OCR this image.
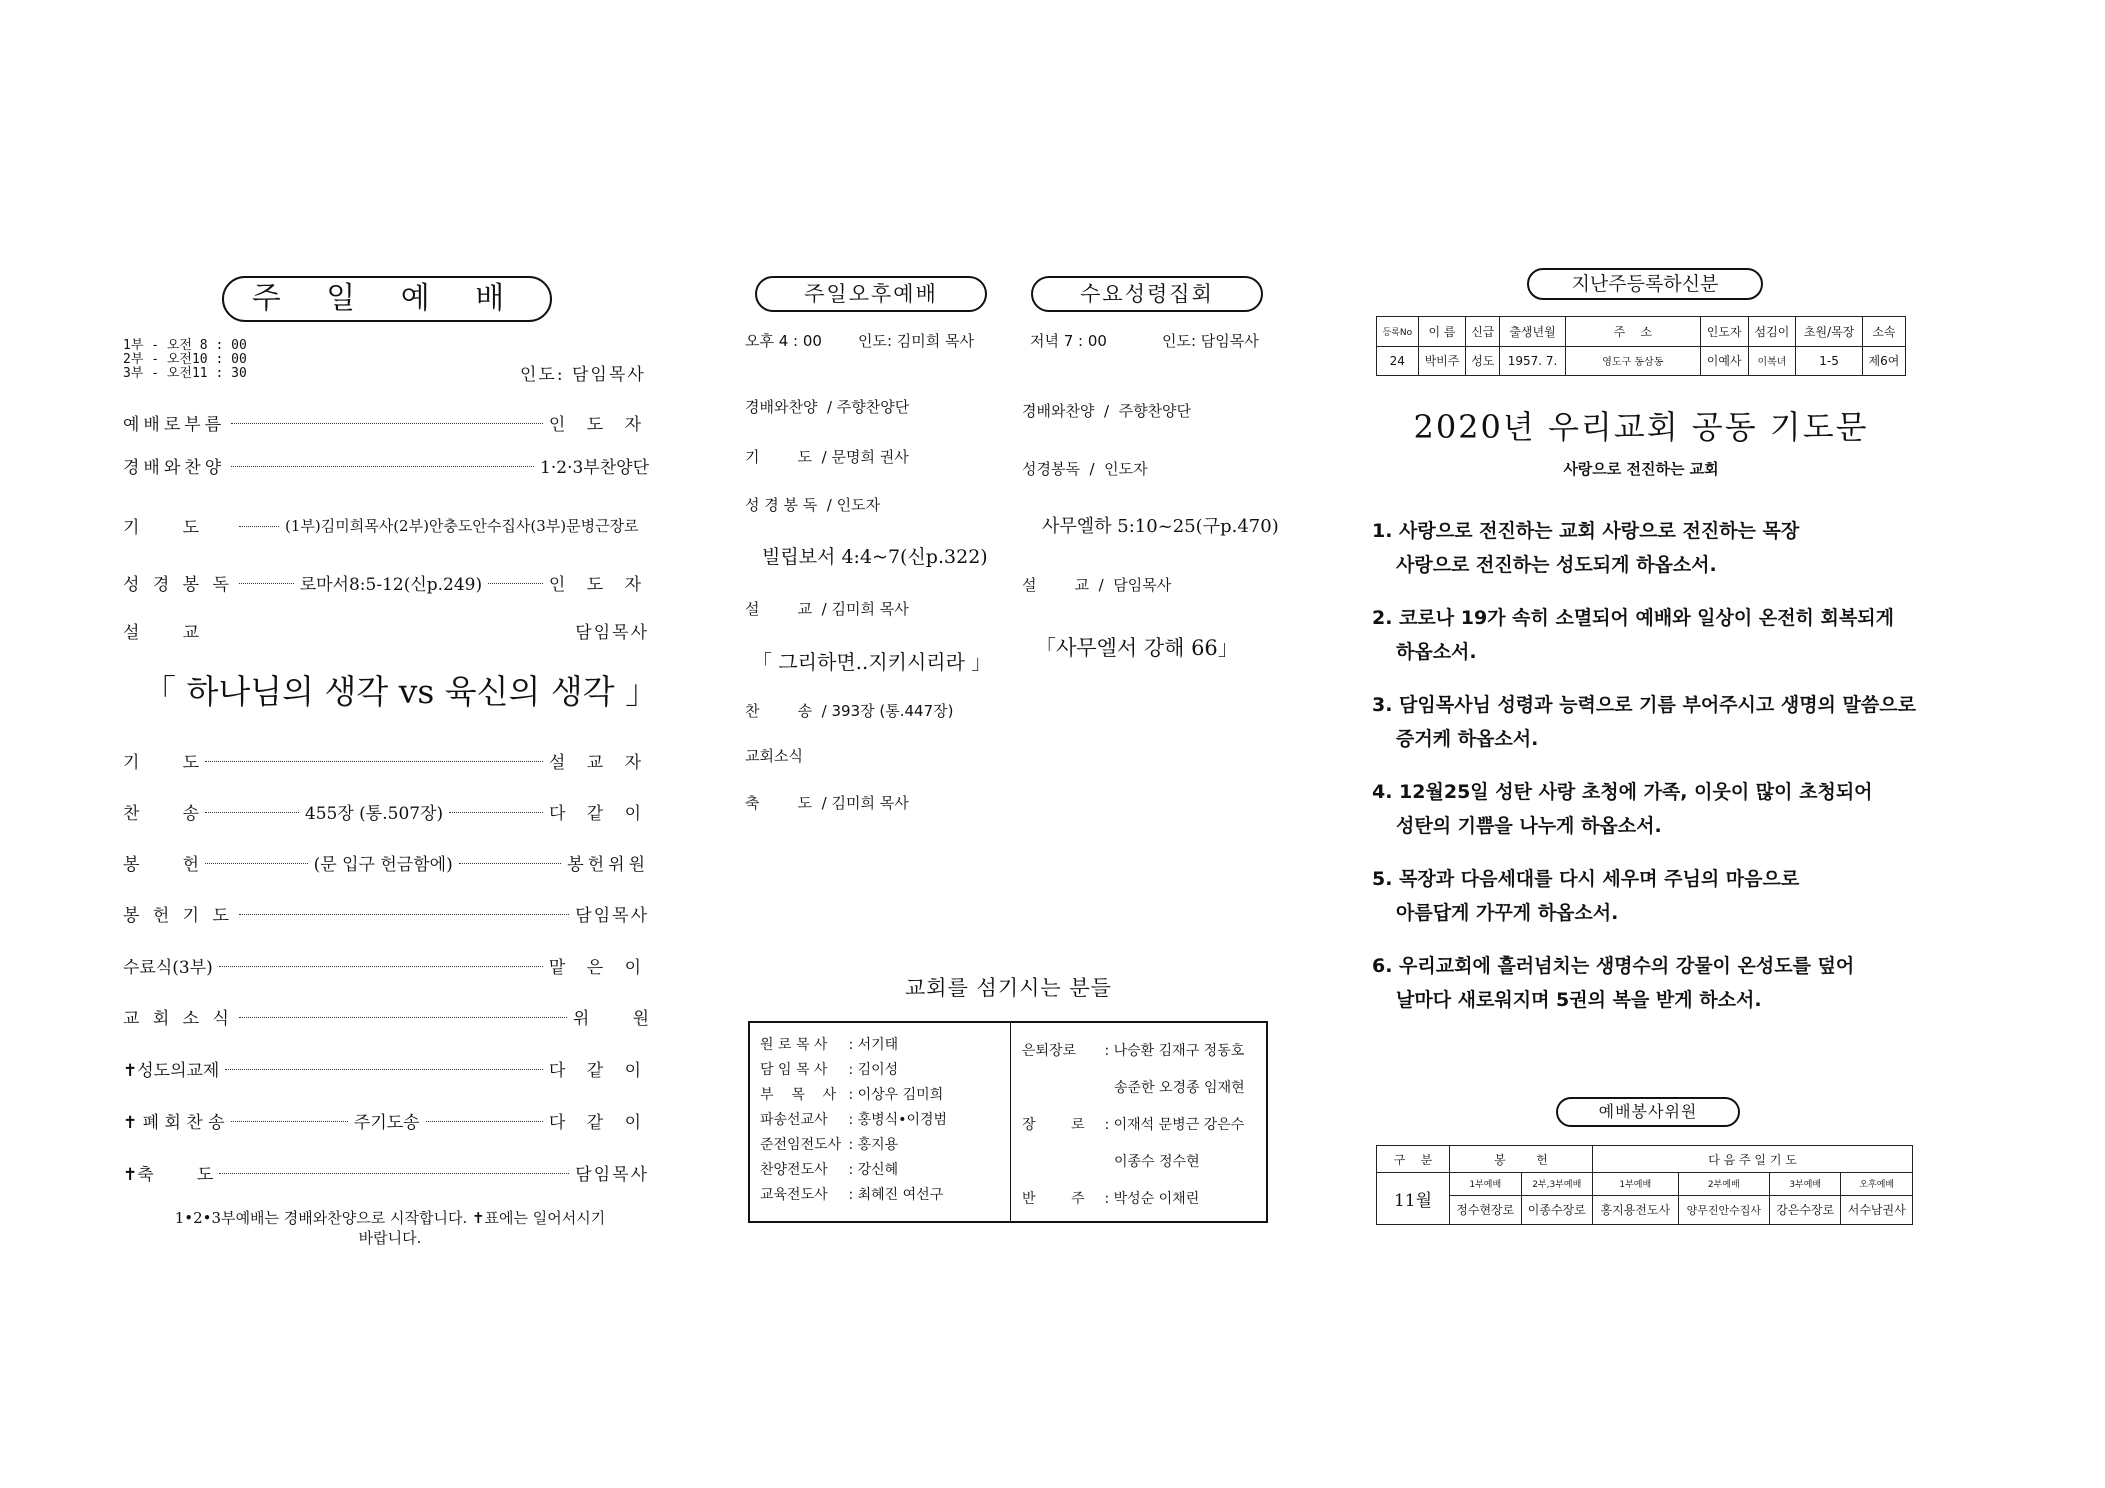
주 일 예 배
1부 - 오전 8 : 00
2부 - 오전10 : 00
3부 - 오전11 : 30	인도: 담임목사
예배로부름	인 도 자
경배와찬양	1·2·3부찬양단
기        도	(1부)김미희목사(2부)안충도안수집사(3부)문병근장로
성 경 봉 독	로마서8:5-12(신p.249)	인 도 자
설        교	담임목사
「 하나님의 생각 vs 육신의 생각 」
기        도	설 교 자
찬        송	455장 (통.507장)	다 같 이
봉        헌	(문 입구 헌금함에)	봉헌위원
봉 헌 기 도	담임목사
수료식(3부)	맡 은 이
교 회 소 식	위        원
✝성도의교제	다 같 이
✝ 폐 회 찬 송	주기도송	다 같 이
✝축        도	담임목사
1•2•3부예배는 경배와찬양으로 시작합니다. ✝표에는 일어서시기
바랍니다.
주일오후예배	수요성령집회
오후 4 : 00 인도: 김미희 목사	저녁 7 : 00	인도: 담임목사
경배와찬양  / 주향찬양단
기        도  / 문명희 권사
성 경 봉 독  / 인도자
빌립보서 4:4~7(신p.322)
설        교  / 김미희 목사
「 그리하면..지키시리라 」
찬        송  / 393장 (통.447장)
교회소식
축        도  / 김미희 목사
경배와찬양  /  주향찬양단
성경봉독  /  인도자
사무엘하 5:10~25(구p.470)
설        교  /  담임목사
「사무엘서 강해 66」
교회를 섬기시는 분들
원 로 목 사 : 서기태
담 임 목 사 : 김이성
부    목    사 : 이상우 김미희
파송선교사 : 홍병식•이경범
준전임전도사 : 홍지용
찬양전도사 : 강신혜
교육전도사 : 최혜진 여선구
은퇴장로 : 나승환 김재구 정동호
송준한 오경종 임재현
장        로 : 이재석 문병근 강은수
이종수 정수현
반        주 : 박성순 이채린
지난주등록하신분
등록No	이 름	신급	출생년월	주    소	인도자	섬김이	초원/목장	소속
24	박비주	성도	1957. 7.	영도구 동삼동	이예사	이복녀	1-5	제6여
2020년 우리교회 공동 기도문
사랑으로 전진하는 교회
1. 사랑으로 전진하는 교회 사랑으로 전진하는 목장
사랑으로 전진하는 성도되게 하옵소서.
2. 코로나 19가 속히 소멸되어 예배와 일상이 온전히 회복되게
하옵소서.
3. 담임목사님 성령과 능력으로 기름 부어주시고 생명의 말씀으로
증거케 하옵소서.
4. 12월25일 성탄 사랑 초청에 가족, 이웃이 많이 초청되어
성탄의 기쁨을 나누게 하옵소서.
5. 목장과 다음세대를 다시 세우며 주님의 마음으로
아름답게 가꾸게 하옵소서.
6. 우리교회에 흘러넘치는 생명수의 강물이 온성도를 덮어
날마다 새로워지며 5권의 복을 받게 하소서.
예배봉사위원
구    분	봉        헌		다 음 주 일 기 도			
11월	1부예배	2부,3부예배	1부예배	2부예배	3부예배	오후예배
	정수현장로	이종수장로	홍지용전도사	양무진안수집사	강은수장로	서수남권사
